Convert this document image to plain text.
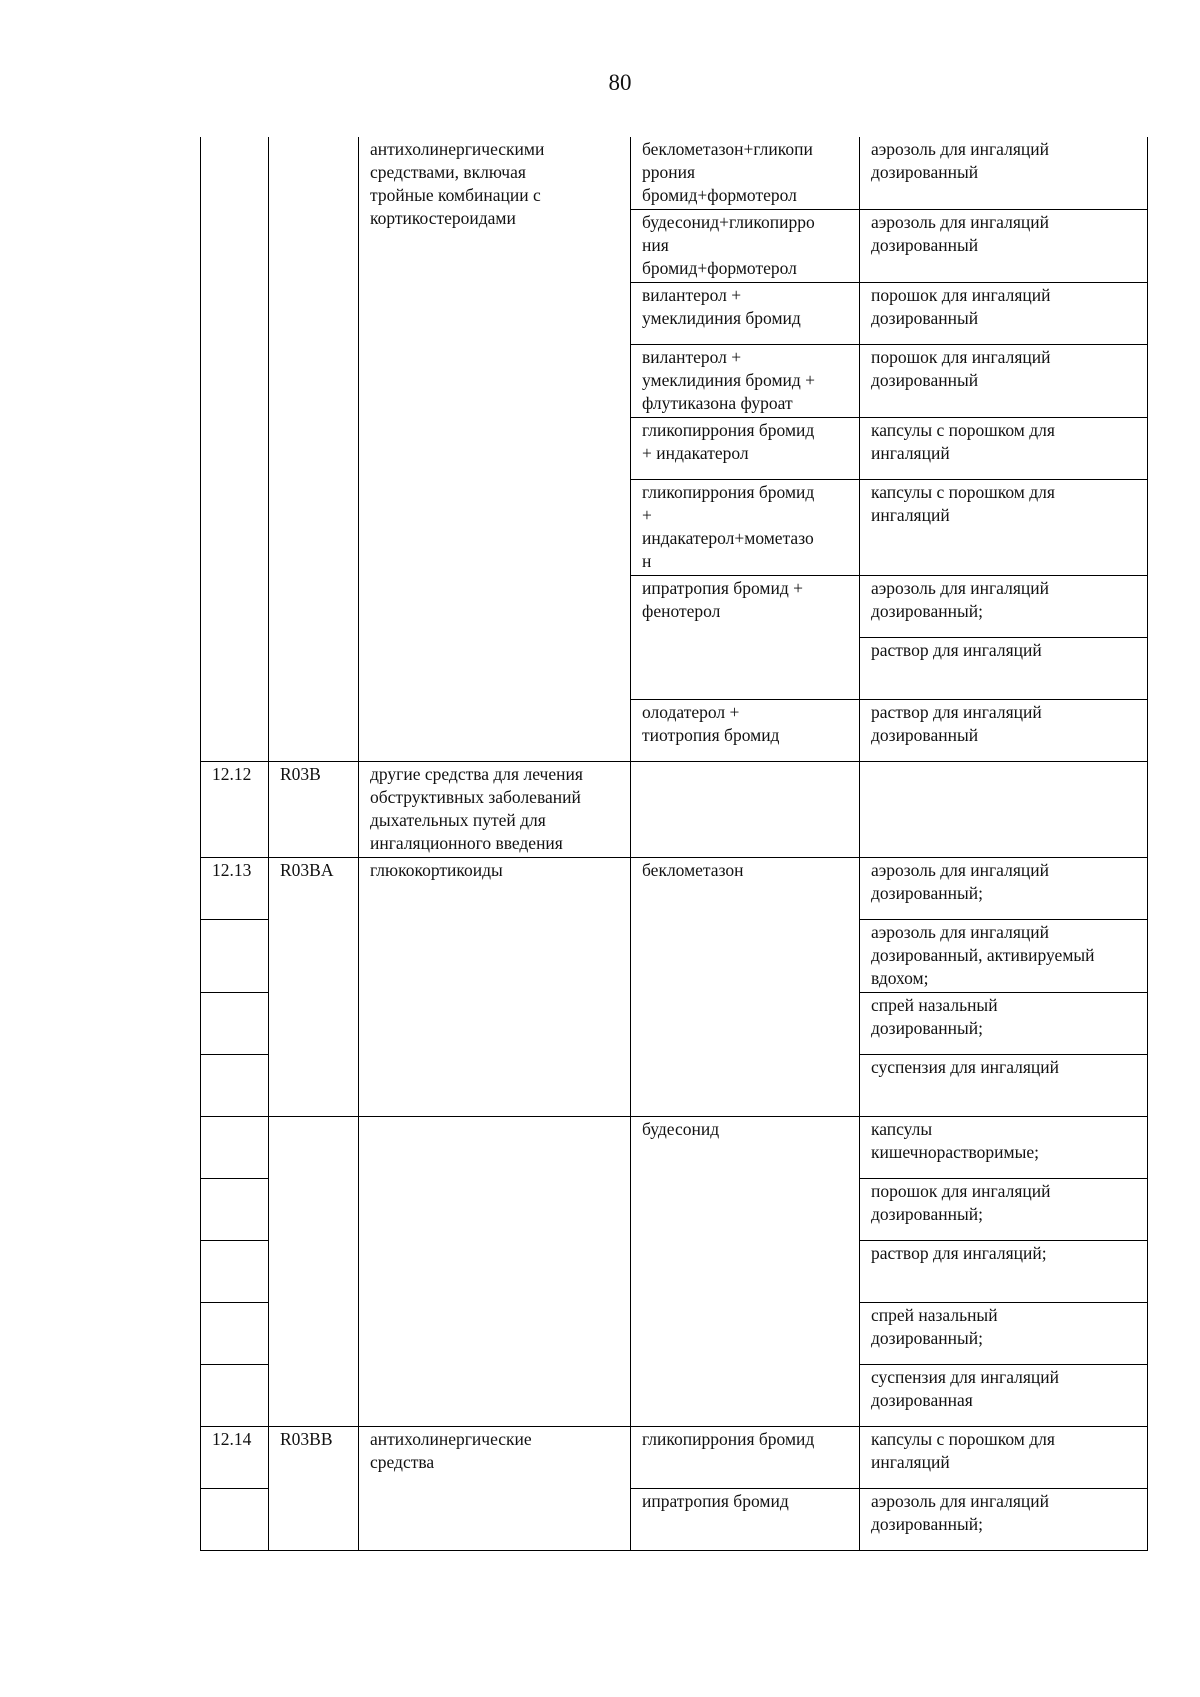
80
		антихолинергическими
средствами, включая
тройные комбинации с
кортикостероидами	беклометазон+гликопи
ррония
бромид+формотерол	аэрозоль для ингаляций
дозированный
			будесонид+гликопирро
ния
бромид+формотерол	аэрозоль для ингаляций
дозированный
			вилантерол +
умеклидиния бромид	порошок для ингаляций
дозированный
			вилантерол +
умеклидиния бромид +
флутиказона фуроат	порошок для ингаляций
дозированный
			гликопиррония бромид
+ индакатерол	капсулы с порошком для
ингаляций
			гликопиррония бромид
+
индакатерол+мометазо
н	капсулы с порошком для
ингаляций
			ипратропия бромид +
фенотерол	аэрозоль для ингаляций
дозированный;
				раствор для ингаляций
			олодатерол +
тиотропия бромид	раствор для ингаляций
дозированный
12.12	R03B	другие средства для лечения
обструктивных заболеваний
дыхательных путей для
ингаляционного введения		
12.13	R03BA	глюкокортикоиды	беклометазон	аэрозоль для ингаляций
дозированный;
				аэрозоль для ингаляций
дозированный, активируемый
вдохом;
				спрей назальный
дозированный;
				суспензия для ингаляций
			будесонид	капсулы
кишечнорастворимые;
				порошок для ингаляций
дозированный;
				раствор для ингаляций;
				спрей назальный
дозированный;
				суспензия для ингаляций
дозированная
12.14	R03BB	антихолинергические
средства	гликопиррония бромид	капсулы с порошком для
ингаляций
			ипратропия бромид	аэрозоль для ингаляций
дозированный;
